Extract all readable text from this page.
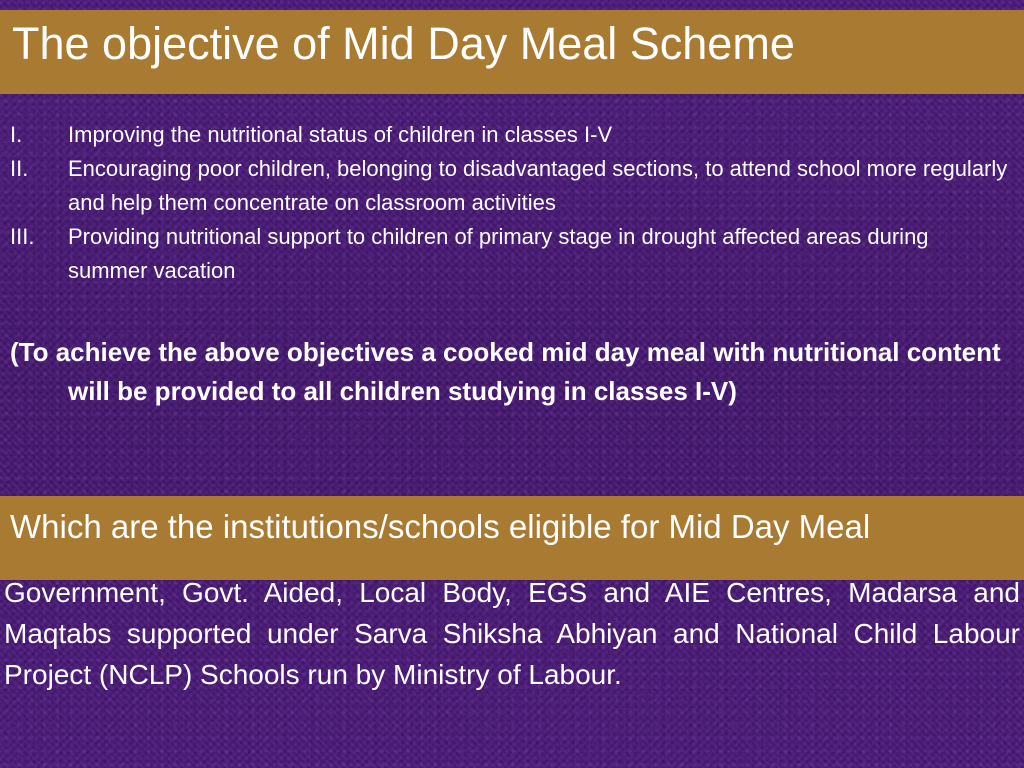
The objective of Mid Day Meal Scheme
I. Improving the nutritional status of children in classes I-V
II. Encouraging poor children, belonging to disadvantaged sections, to attend school more regularly and help them concentrate on classroom activities
III. Providing nutritional support to children of primary stage in drought affected areas during summer vacation

(To achieve the above objectives a cooked mid day meal with nutritional content will be provided to all children studying in classes I-V)

Which are the institutions/schools eligible for Mid Day Meal

Government, Govt. Aided, Local Body, EGS and AIE Centres, Madarsa and Maqtabs supported under Sarva Shiksha Abhiyan and National Child Labour Project (NCLP) Schools run by Ministry of Labour.
